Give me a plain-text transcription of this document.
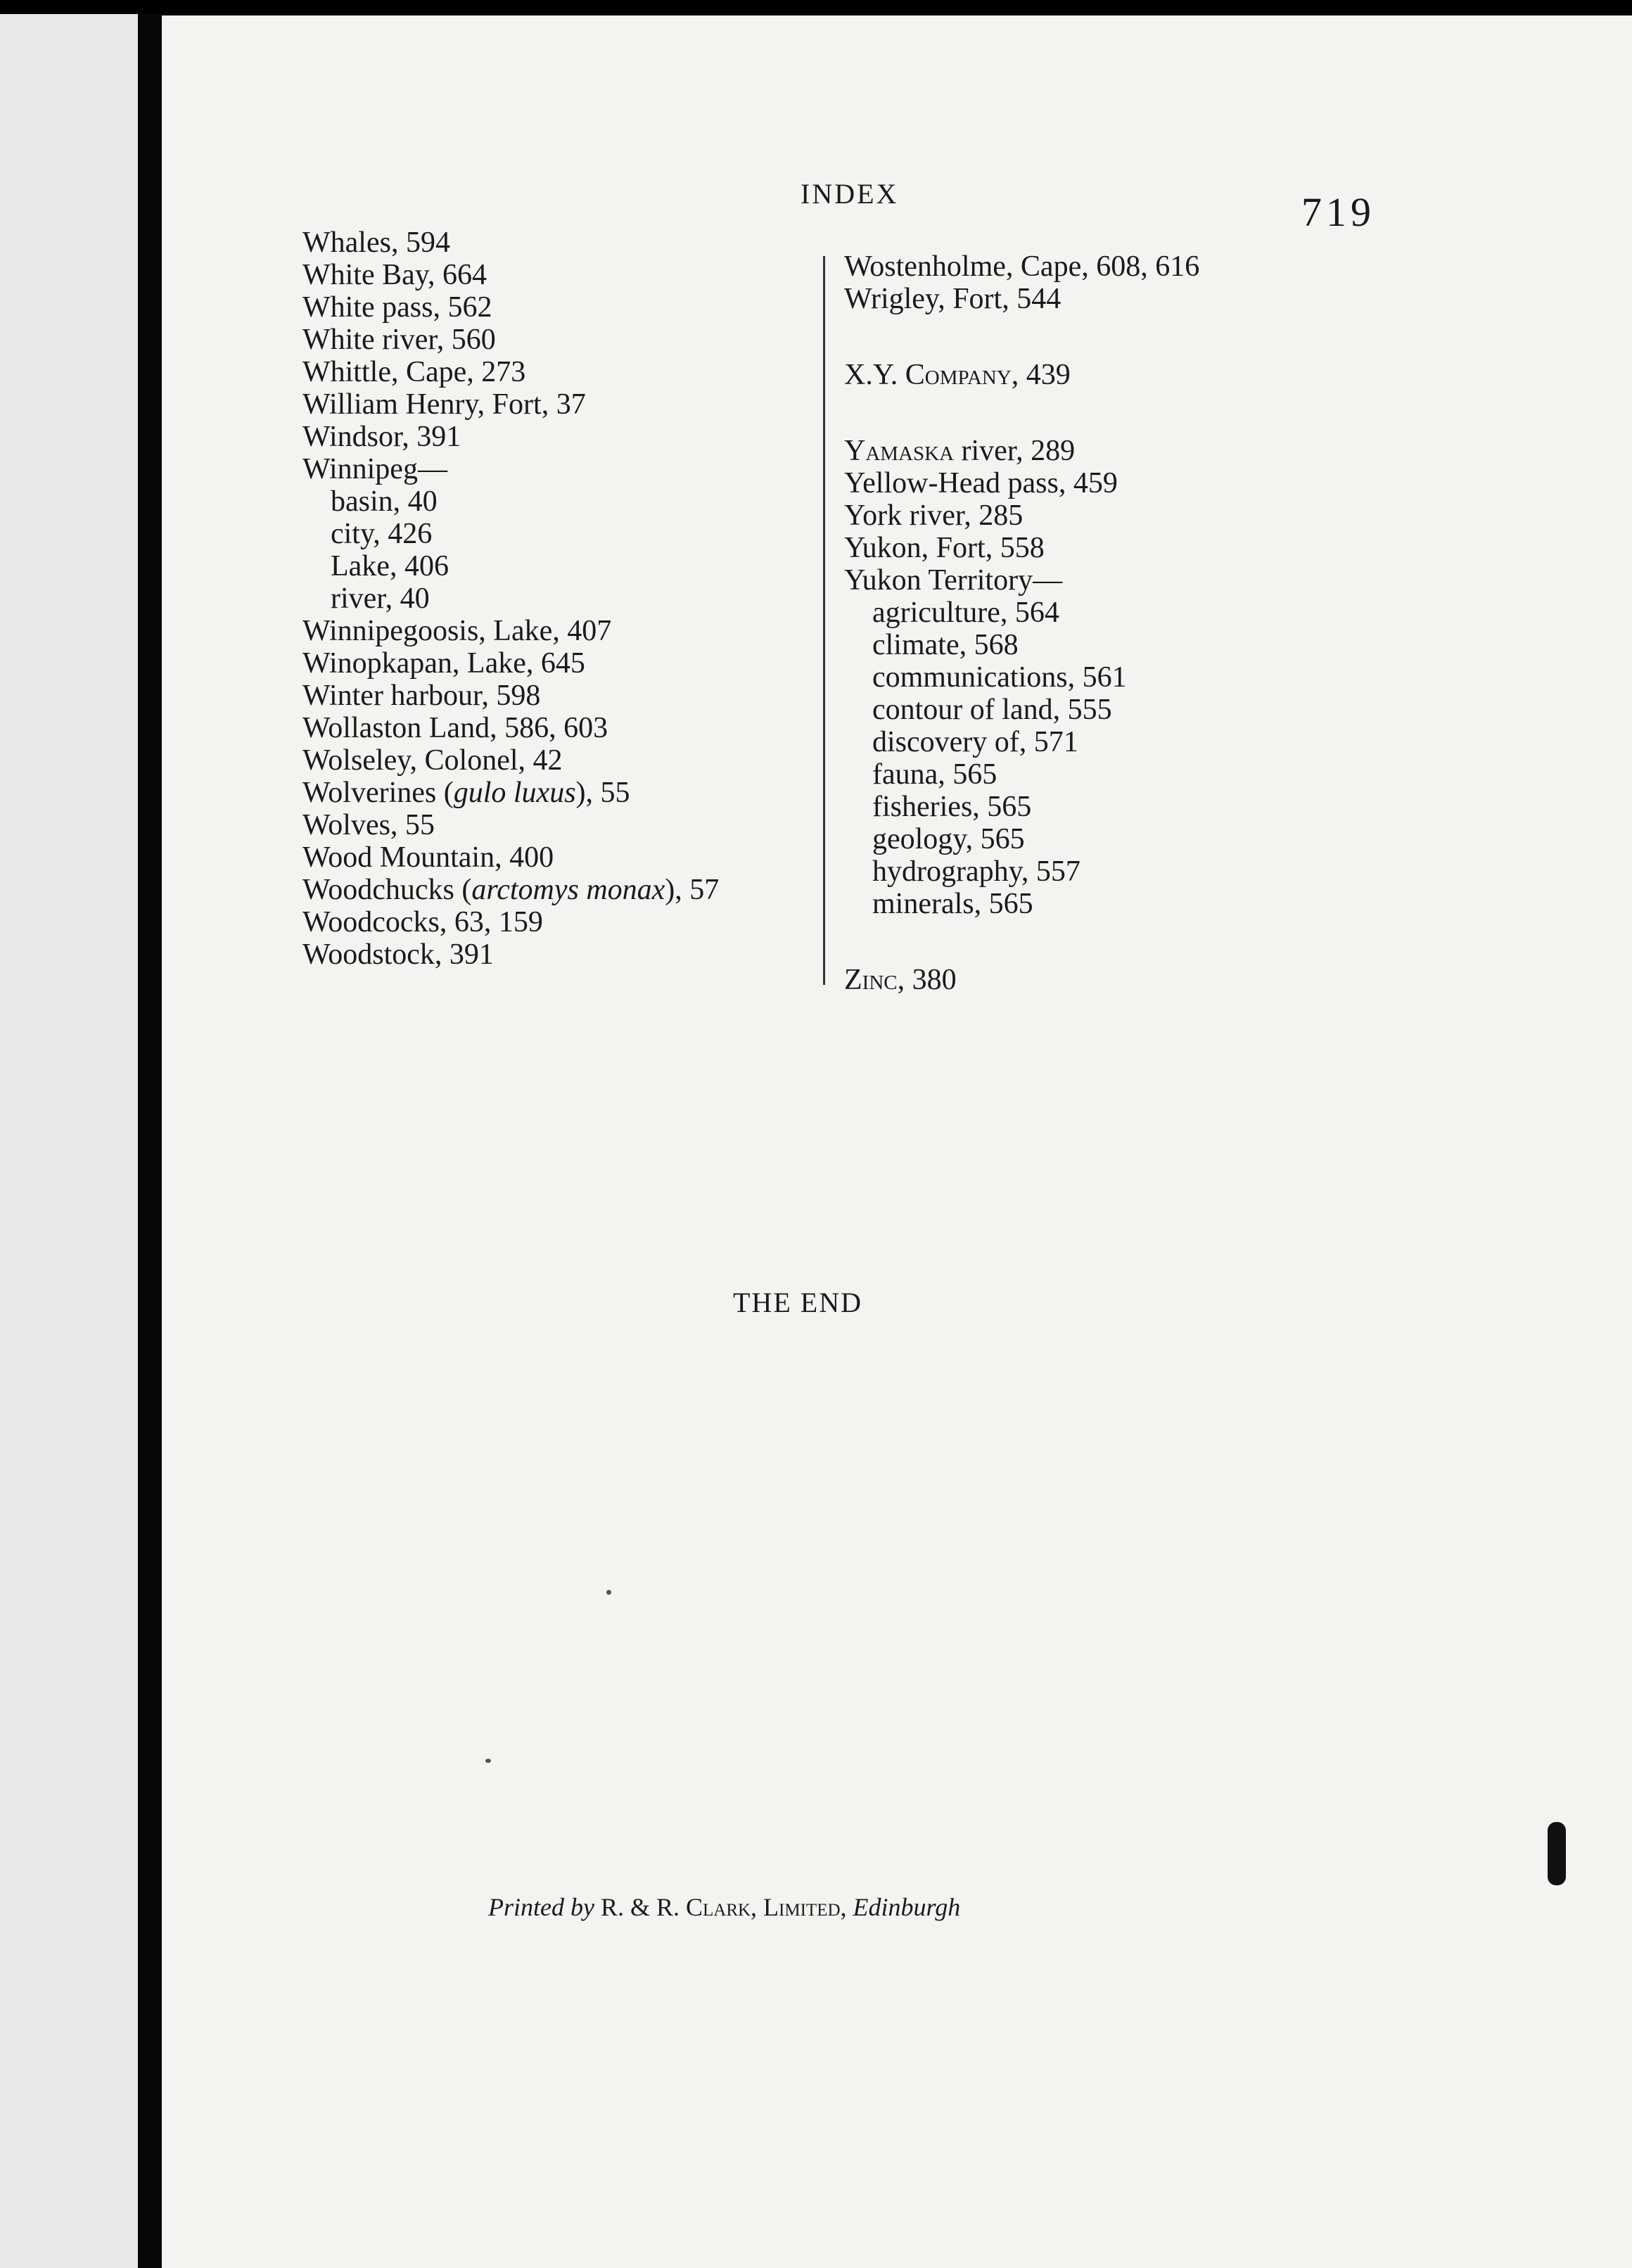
INDEX	719
Whales, 594
White Bay, 664
White pass, 562
White river, 560
Whittle, Cape, 273
William Henry, Fort, 37
Windsor, 391
Winnipeg—
basin, 40
city, 426
Lake, 406
river, 40
Winnipegoosis, Lake, 407
Winopkapan, Lake, 645
Winter harbour, 598
Wollaston Land, 586, 603
Wolseley, Colonel, 42
Wolverines (gulo luxus), 55
Wolves, 55
Wood Mountain, 400
Woodchucks (arctomys monax), 57
Woodcocks, 63, 159
Woodstock, 391
Wostenholme, Cape, 608, 616
Wrigley, Fort, 544
X.Y. Company, 439
Yamaska river, 289
Yellow-Head pass, 459
York river, 285
Yukon, Fort, 558
Yukon Territory—
agriculture, 564
climate, 568
communications, 561
contour of land, 555
discovery of, 571
fauna, 565
fisheries, 565
geology, 565
hydrography, 557
minerals, 565
Zinc, 380
THE END
Printed by R. & R. Clark, Limited, Edinburgh
